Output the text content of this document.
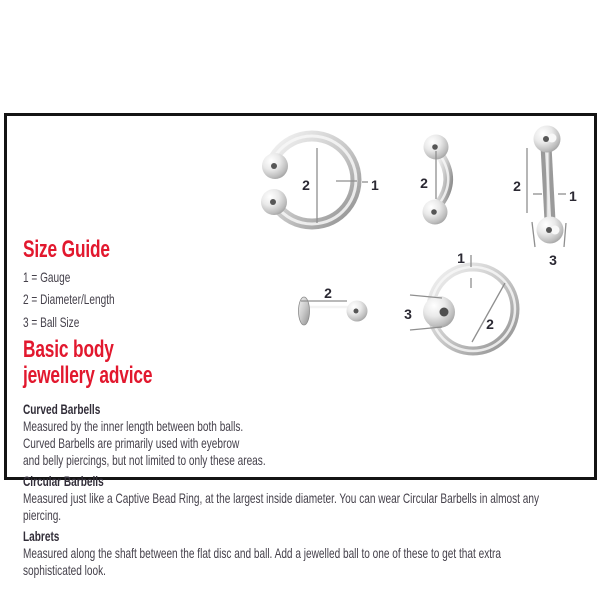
Size Guide
1 = Gauge
2 = Diameter/Length
3 = Ball Size
Basic body
jewellery advice
Curved Barbells
Measured by the inner length between both balls.
Curved Barbells are primarily used with eyebrow
and belly piercings, but not limited to only these areas.
Circular Barbells
Measured just like a Captive Bead Ring, at the largest inside diameter. You can wear Circular Barbells in almost any
piercing.
Labrets
Measured along the shaft between the flat disc and ball. Add a jewelled ball to one of these to get that extra
sophisticated look.
2	1	2	2
1
3
2
1
3
2
